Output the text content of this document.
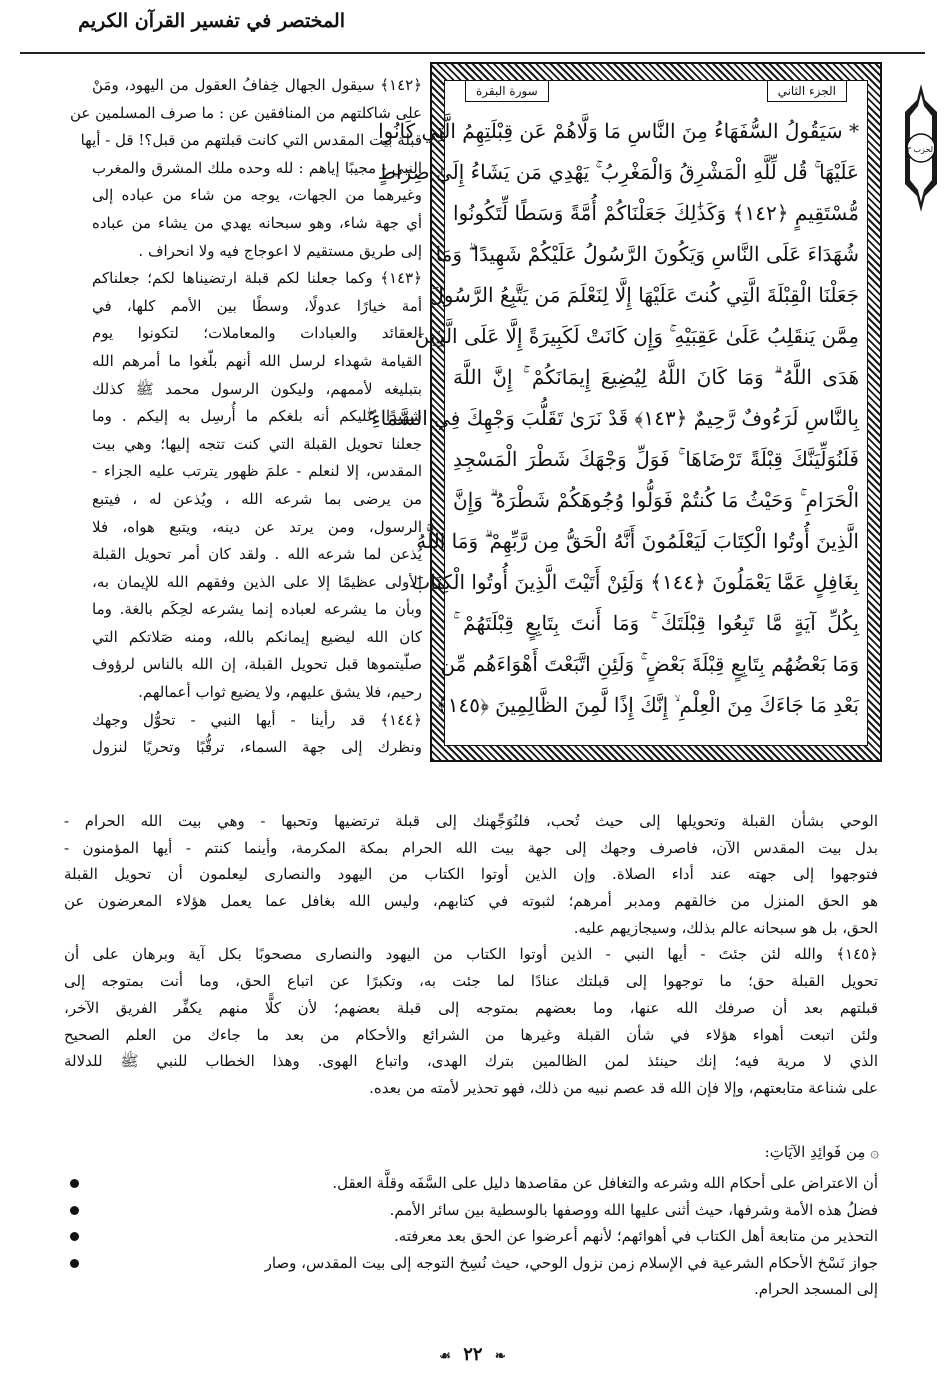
المختصر في تفسير القرآن الكريم
الحزب ٣
الجزء الثاني
سورة البقرة
* سَيَقُولُ السُّفَهَاءُ مِنَ النَّاسِ مَا وَلَّاهُمْ عَن قِبْلَتِهِمُ الَّتِي كَانُوا
عَلَيْهَا ۚ قُل لِّلَّهِ الْمَشْرِقُ وَالْمَغْرِبُ ۚ يَهْدِي مَن يَشَاءُ إِلَىٰ صِرَاطٍ
مُّسْتَقِيمٍ ﴿١٤٢﴾ وَكَذَٰلِكَ جَعَلْنَاكُمْ أُمَّةً وَسَطًا لِّتَكُونُوا
شُهَدَاءَ عَلَى النَّاسِ وَيَكُونَ الرَّسُولُ عَلَيْكُمْ شَهِيدًا ۗ وَمَا
جَعَلْنَا الْقِبْلَةَ الَّتِي كُنتَ عَلَيْهَا إِلَّا لِنَعْلَمَ مَن يَتَّبِعُ الرَّسُولَ
مِمَّن يَنقَلِبُ عَلَىٰ عَقِبَيْهِ ۚ وَإِن كَانَتْ لَكَبِيرَةً إِلَّا عَلَى الَّذِينَ
هَدَى اللَّهُ ۗ وَمَا كَانَ اللَّهُ لِيُضِيعَ إِيمَانَكُمْ ۚ إِنَّ اللَّهَ
بِالنَّاسِ لَرَءُوفٌ رَّحِيمٌ ﴿١٤٣﴾ قَدْ نَرَىٰ تَقَلُّبَ وَجْهِكَ فِي السَّمَاءِ ۖ
فَلَنُوَلِّيَنَّكَ قِبْلَةً تَرْضَاهَا ۚ فَوَلِّ وَجْهَكَ شَطْرَ الْمَسْجِدِ
الْحَرَامِ ۚ وَحَيْثُ مَا كُنتُمْ فَوَلُّوا وُجُوهَكُمْ شَطْرَهُ ۗ وَإِنَّ
الَّذِينَ أُوتُوا الْكِتَابَ لَيَعْلَمُونَ أَنَّهُ الْحَقُّ مِن رَّبِّهِمْ ۗ وَمَا اللَّهُ
بِغَافِلٍ عَمَّا يَعْمَلُونَ ﴿١٤٤﴾ وَلَئِنْ أَتَيْتَ الَّذِينَ أُوتُوا الْكِتَابَ
بِكُلِّ آيَةٍ مَّا تَبِعُوا قِبْلَتَكَ ۚ وَمَا أَنتَ بِتَابِعٍ قِبْلَتَهُمْ ۚ
وَمَا بَعْضُهُم بِتَابِعٍ قِبْلَةَ بَعْضٍ ۚ وَلَئِنِ اتَّبَعْتَ أَهْوَاءَهُم مِّن
بَعْدِ مَا جَاءَكَ مِنَ الْعِلْمِ ۙ إِنَّكَ إِذًا لَّمِنَ الظَّالِمِينَ ﴿١٤٥﴾
﴿١٤٢﴾ سيقول الجهال خِفافُ العقول من اليهود، ومَنْ
على شاكلتهم من المنافقين عن : ما صرف المسلمين عن
قبلة بيت المقدس التي كانت قبلتهم من قبل؟! قل - أيها
النبي - مجيبًا إياهم : لله وحده ملك المشرق والمغرب
وغيرهما من الجهات، يوجه من شاء من عباده إلى
أي جهة شاء، وهو سبحانه يهدي من يشاء من عباده
إلى طريق مستقيم لا اعوجاج فيه ولا انحراف .
﴿١٤٣﴾ وكما جعلنا لكم قبلة ارتضيناها لكم؛ جعلناكم
أمة خيارًا عدولًا، وسطًا بين الأمم كلها، في
العقائد والعبادات والمعاملات؛ لتكونوا يوم
القيامة شهداء لرسل الله أنهم بلّغوا ما أمرهم الله
بتبليغه لأممهم، وليكون الرسول محمد ﷺ كذلك
شهيدًا عليكم أنه بلغكم ما أُرسِل به إليكم . وما
جعلنا تحويل القبلة التي كنت تتجه إليها؛ وهي بيت
المقدس، إلا لنعلم - علمَ ظهور يترتب عليه الجزاء -
من يرضى بما شرعه الله ، ويُذعن له ، فيتبع
الرسول، ومن يرتد عن دينه، ويتبع هواه، فلا
يُذعن لما شرعه الله . ولقد كان أمر تحويل القبلة
الأولى عظيمًا إلا على الذين وفقهم الله للإيمان به،
وبأن ما يشرعه لعباده إنما يشرعه لحِكَم بالغة. وما
كان الله ليضيع إيمانكم بالله، ومنه صَلاتكم التي
صلّيتموها قبل تحويل القبلة، إن الله بالناس لرؤوف
رحيم، فلا يشق عليهم، ولا يضيع ثواب أعمالهم.
﴿١٤٤﴾ قد رأينا - أيها النبي - تحوُّل وجهك
ونظرك إلى جهة السماء، ترقُّبًا وتحريًا لنزول
الوحي بشأن القبلة وتحويلها إلى حيث تُحب، فلنُوَجِّهنك إلى قبلة ترتضيها وتحبها - وهي بيت الله الحرام -
بدل بيت المقدس الآن، فاصرف وجهك إلى جهة بيت الله الحرام بمكة المكرمة، وأينما كنتم - أيها المؤمنون -
فتوجهوا إلى جهته عند أداء الصلاة. وإن الذين أوتوا الكتاب من اليهود والنصارى ليعلمون أن تحويل القبلة
هو الحق المنزل من خالقهم ومدبر أمرهم؛ لثبوته في كتابهم، وليس الله بغافل عما يعمل هؤلاء المعرضون عن
الحق، بل هو سبحانه عالم بذلك، وسيجازيهم عليه.
﴿١٤٥﴾ والله لئن جئتَ - أيها النبي - الذين أوتوا الكتاب من اليهود والنصارى مصحوبًا بكل آية وبرهان على أن
تحويل القبلة حق؛ ما توجهوا إلى قبلتك عنادًا لما جئت به، وتكبرًا عن اتباع الحق، وما أنت بمتوجه إلى
قبلتهم بعد أن صرفك الله عنها، وما بعضهم بمتوجه إلى قبلة بعضهم؛ لأن كلًّا منهم يكفِّر الفريق الآخر،
ولئن اتبعت أهواء هؤلاء في شأن القبلة وغيرها من الشرائع والأحكام من بعد ما جاءك من العلم الصحيح
الذي لا مرية فيه؛ إنك حينئذ لمن الظالمين بترك الهدى، واتباع الهوى. وهذا الخطاب للنبي ﷺ للدلالة
على شناعة متابعتهم، وإلا فإن الله قد عصم نبيه من ذلك، فهو تحذير لأمته من بعده.
۞ مِن فَوائِدِ الآيَاتِ:
أن الاعتراض على أحكام الله وشرعه والتغافل عن مقاصدها دليل على السَّفَه وقلَّة العقل.
فضلُ هذه الأمة وشرفها، حيث أثنى عليها الله ووصفها بالوسطية بين سائر الأمم.
التحذير من متابعة أهل الكتاب في أهوائهم؛ لأنهم أعرضوا عن الحق بعد معرفته.
جواز نَسْخ الأحكام الشرعية في الإسلام زمن نزول الوحي، حيث نُسِخ التوجه إلى بيت المقدس، وصار
إلى المسجد الحرام.
❧ ٢٢ ☙
